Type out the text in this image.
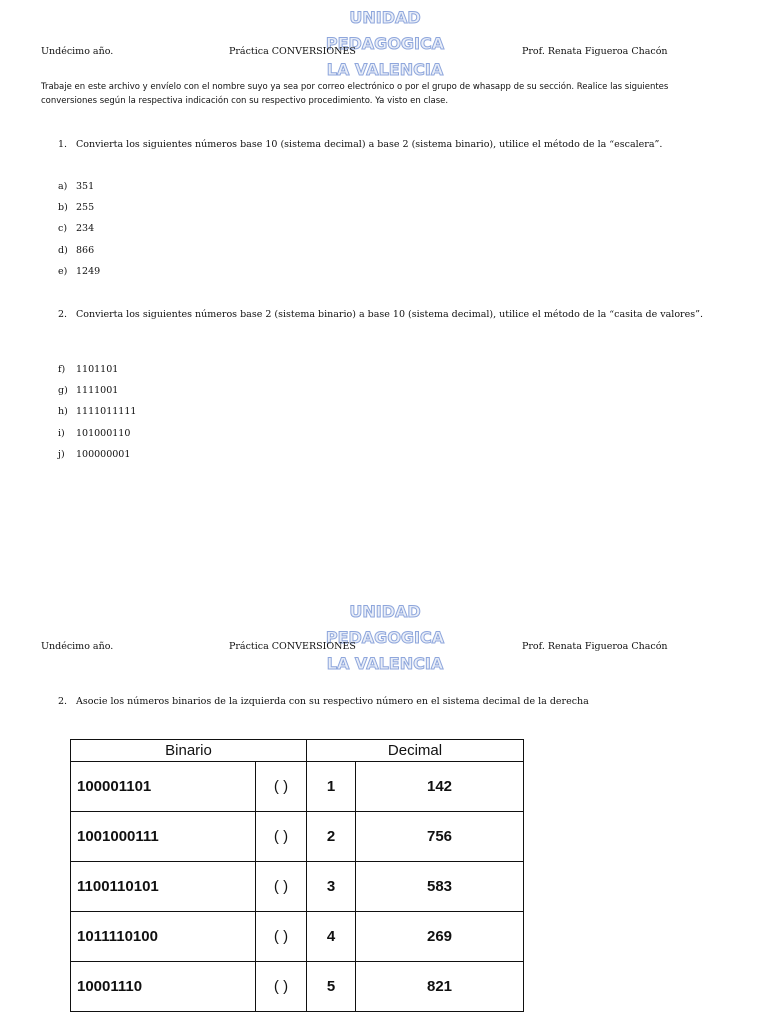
UNIDAD
PEDAGOGICA
LA VALENCIA
Undécimo año.	Práctica CONVERSIONES	Prof. Renata Figueroa Chacón
Trabaje en este archivo y envíelo con el nombre suyo ya sea por correo electrónico o por el grupo de whasapp de su sección. Realice las siguientes conversiones según la respectiva indicación con su respectivo procedimiento. Ya visto en clase.
1. Convierta los siguientes números base 10 (sistema decimal) a base 2 (sistema binario), utilice el método de la “escalera”.
a) 351
b) 255
c) 234
d) 866
e) 1249
2. Convierta los siguientes números base 2 (sistema binario) a base 10 (sistema decimal), utilice el método de la “casita de valores”.
f)	1101101
g) 1111001
h) 1111011111
i)	101000110
j)	100000001
UNIDAD
PEDAGOGICA
LA VALENCIA
Undécimo año.	Práctica CONVERSIONES	Prof. Renata Figueroa Chacón
2. Asocie los números binarios de la izquierda con su respectivo número en el sistema decimal de la derecha
Binario		Decimal	
100001101	( )	1	142
1001000111	( )	2	756
1100110101	( )	3	583
1011110100	( )	4	269
10001110	( )	5	821
